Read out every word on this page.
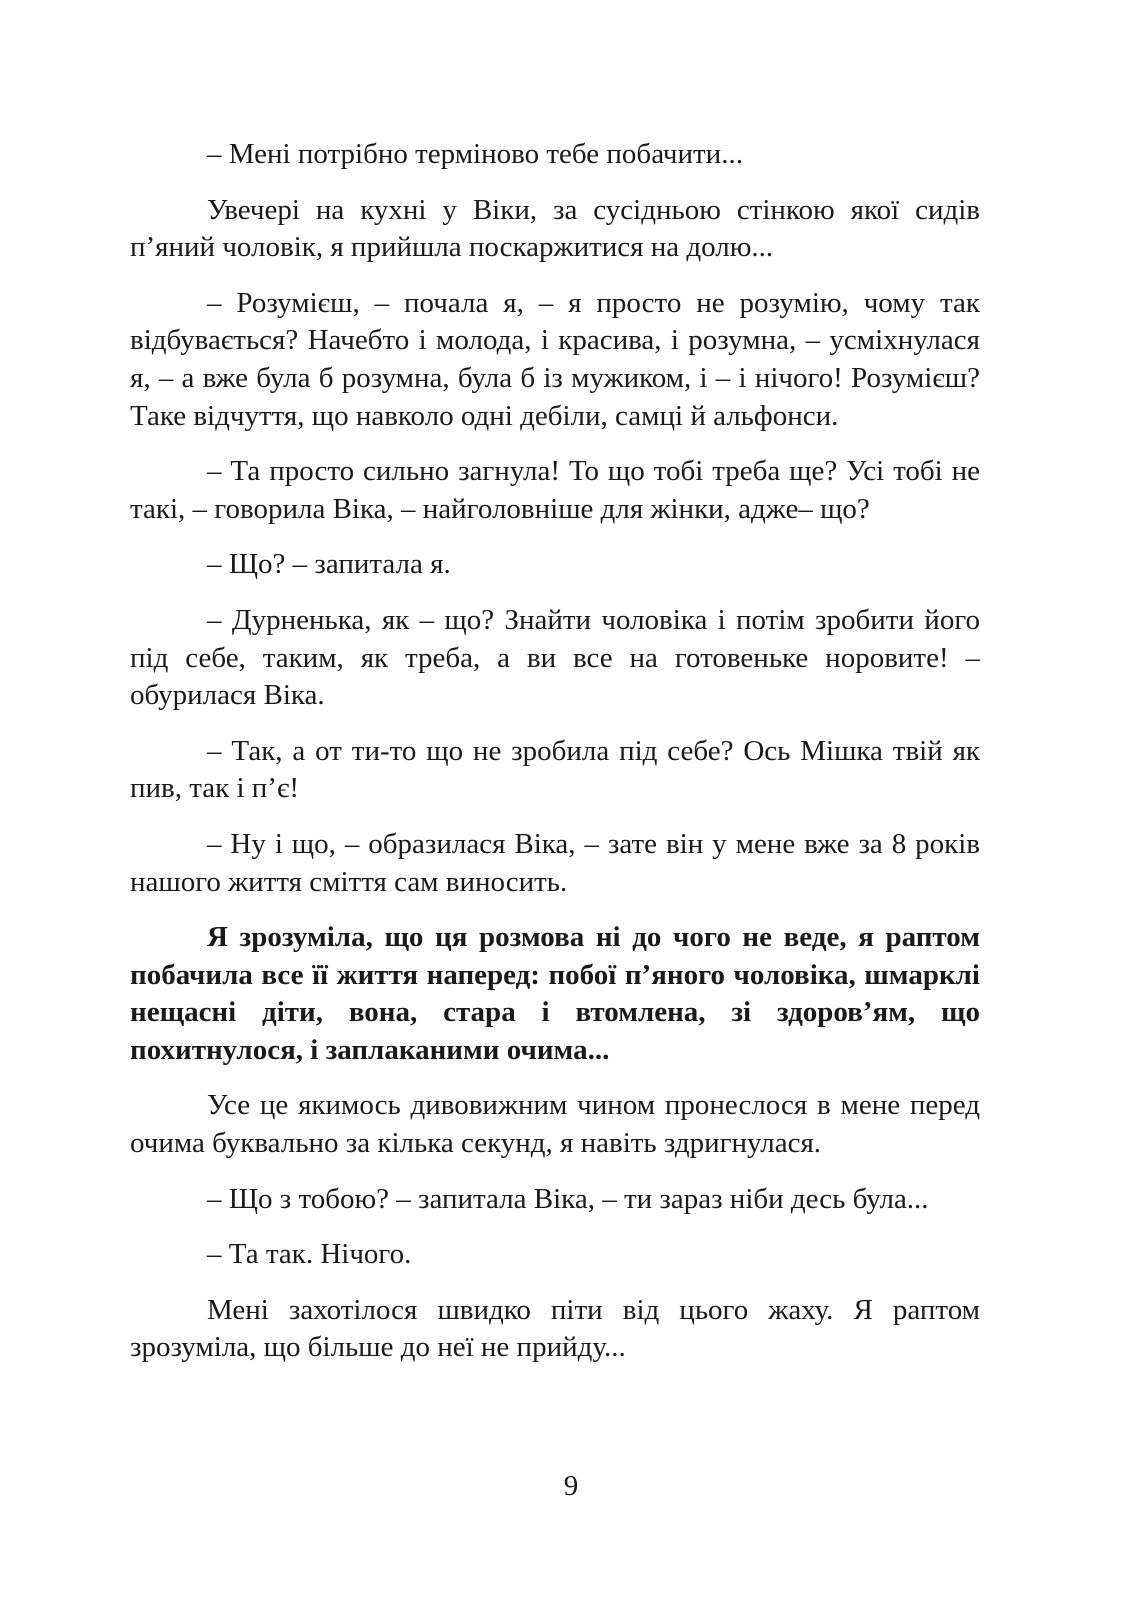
– Мені потрібно терміново тебе побачити...

Увечері на кухні у Віки, за сусідньою стінкою якої сидів п’яний чоловік, я прийшла поскаржитися на долю...

– Розумієш, – почала я, – я просто не розумію, чому так відбувається? Начебто і молода, і красива, і розумна, – усміхнулася я, – а вже була б розумна, була б із мужиком, і – і нічого! Розумієш? Таке відчуття, що навколо одні дебіли, самці й альфонси.

– Та просто сильно загнула! То що тобі треба ще? Усі тобі не такі, – говорила Віка, – найголовніше для жінки, адже– що?

– Що? – запитала я.

– Дурненька, як – що? Знайти чоловіка і потім зробити його під себе, таким, як треба, а ви все на готовеньке норовите! – обурилася Віка.

– Так, а от ти-то що не зробила під себе? Ось Мішка твій як пив, так і п’є!

– Ну і що, – образилася Віка, – зате він у мене вже за 8 років нашого життя сміття сам виносить.

Я зрозуміла, що ця розмова ні до чого не веде, я раптом побачила все її життя наперед: побої п’яного чоловіка, шмарклі нещасні діти, вона, стара і втомлена, зі здоров’ям, що похитнулося, і заплаканими очима...

Усе це якимось дивовижним чином пронеслося в мене перед очима буквально за кілька секунд, я навіть здригнулася.

– Що з тобою? – запитала Віка, – ти зараз ніби десь була...

– Та так. Нічого.

Мені захотілося швидко піти від цього жаху. Я раптом зрозуміла, що більше до неї не прийду...

9
